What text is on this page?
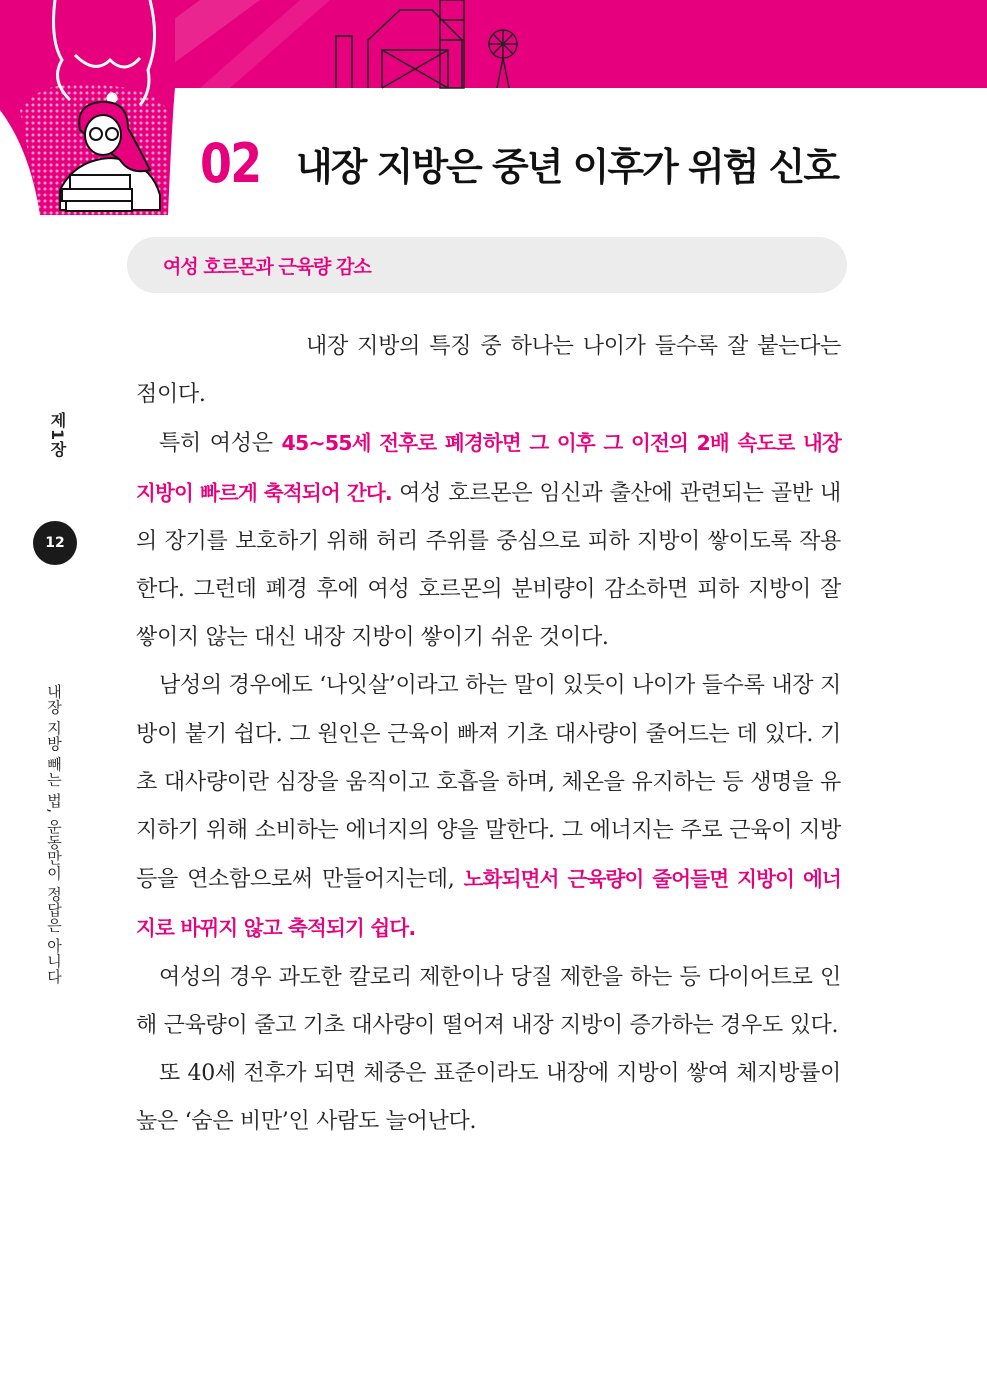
02 내장 지방은 중년 이후가 위험 신호
여성 호르몬과 근육량 감소
제1장
12
내장 지방 빼는 법, 운동만이 정답은 아니다

내장 지방의 특징 중 하나는 나이가 들수록 잘 붙는다는 점이다.

특히 여성은 45~55세 전후로 폐경하면 그 이후 그 이전의 2배 속도로 내장 지방이 빠르게 축적되어 간다. 여성 호르몬은 임신과 출산에 관련되는 골반 내의 장기를 보호하기 위해 허리 주위를 중심으로 피하 지방이 쌓이도록 작용한다. 그런데 폐경 후에 여성 호르몬의 분비량이 감소하면 피하 지방이 잘 쌓이지 않는 대신 내장 지방이 쌓이기 쉬운 것이다.

남성의 경우에도 ‘나잇살’이라고 하는 말이 있듯이 나이가 들수록 내장 지방이 붙기 쉽다. 그 원인은 근육이 빠져 기초 대사량이 줄어드는 데 있다. 기초 대사량이란 심장을 움직이고 호흡을 하며, 체온을 유지하는 등 생명을 유지하기 위해 소비하는 에너지의 양을 말한다. 그 에너지는 주로 근육이 지방 등을 연소함으로써 만들어지는데, 노화되면서 근육량이 줄어들면 지방이 에너지로 바뀌지 않고 축적되기 쉽다.

여성의 경우 과도한 칼로리 제한이나 당질 제한을 하는 등 다이어트로 인해 근육량이 줄고 기초 대사량이 떨어져 내장 지방이 증가하는 경우도 있다.

또 40세 전후가 되면 체중은 표준이라도 내장에 지방이 쌓여 체지방률이 높은 ‘숨은 비만’인 사람도 늘어난다.
